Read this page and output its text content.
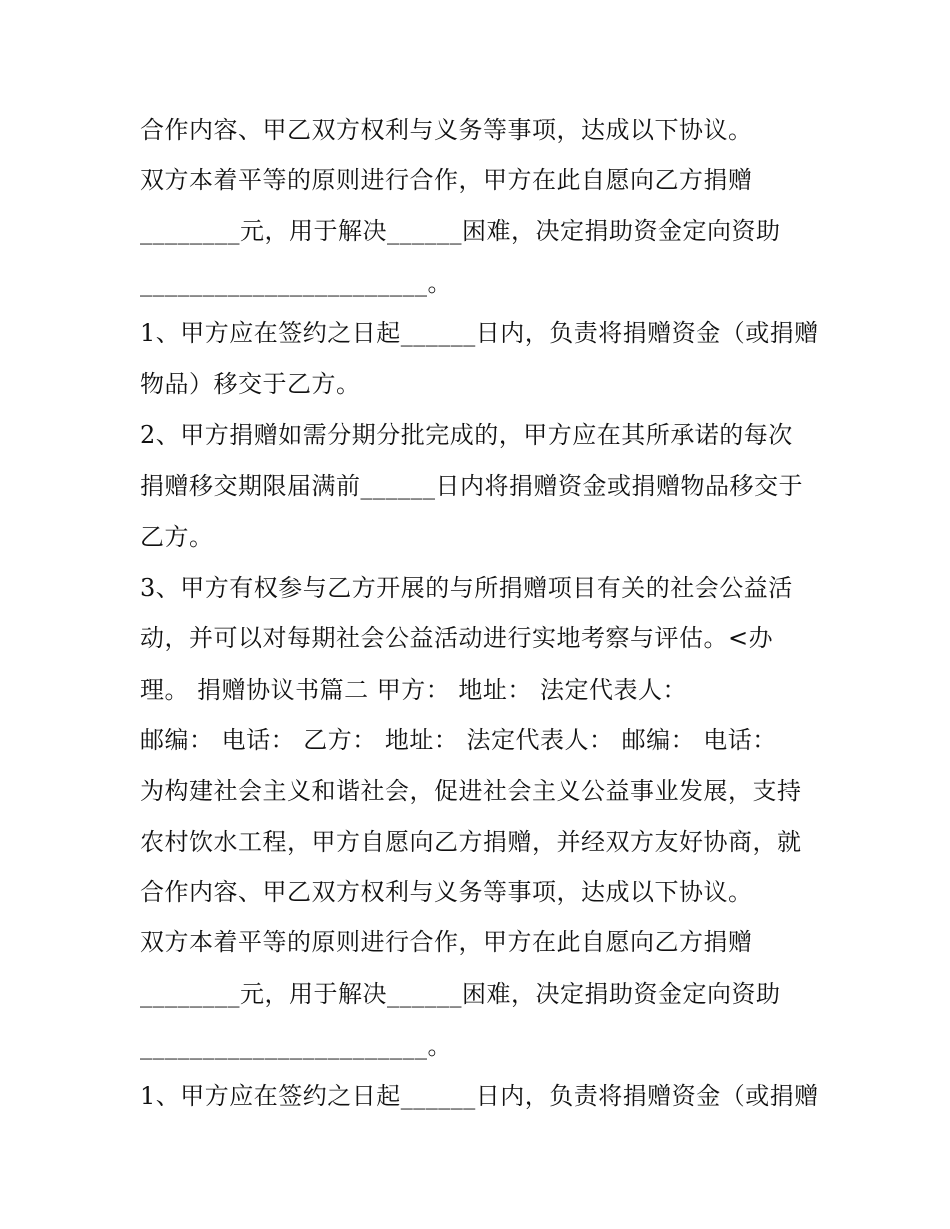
合作内容、甲乙双方权利与义务等事项，达成以下协议。
双方本着平等的原则进行合作，甲方在此自愿向乙方捐赠
________元，用于解决______困难，决定捐助资金定向资助
_______________________。
1、甲方应在签约之日起______日内，负责将捐赠资金（或捐赠
物品）移交于乙方。
2、甲方捐赠如需分期分批完成的，甲方应在其所承诺的每次
捐赠移交期限届满前______日内将捐赠资金或捐赠物品移交于
乙方。
3、甲方有权参与乙方开展的与所捐赠项目有关的社会公益活
动，并可以对每期社会公益活动进行实地考察与评估。<办
理。 捐赠协议书篇二 甲方： 地址： 法定代表人：
邮编： 电话： 乙方： 地址： 法定代表人： 邮编： 电话：
为构建社会主义和谐社会，促进社会主义公益事业发展，支持
农村饮水工程，甲方自愿向乙方捐赠，并经双方友好协商，就
合作内容、甲乙双方权利与义务等事项，达成以下协议。
双方本着平等的原则进行合作，甲方在此自愿向乙方捐赠
________元，用于解决______困难，决定捐助资金定向资助
_______________________。
1、甲方应在签约之日起______日内，负责将捐赠资金（或捐赠
